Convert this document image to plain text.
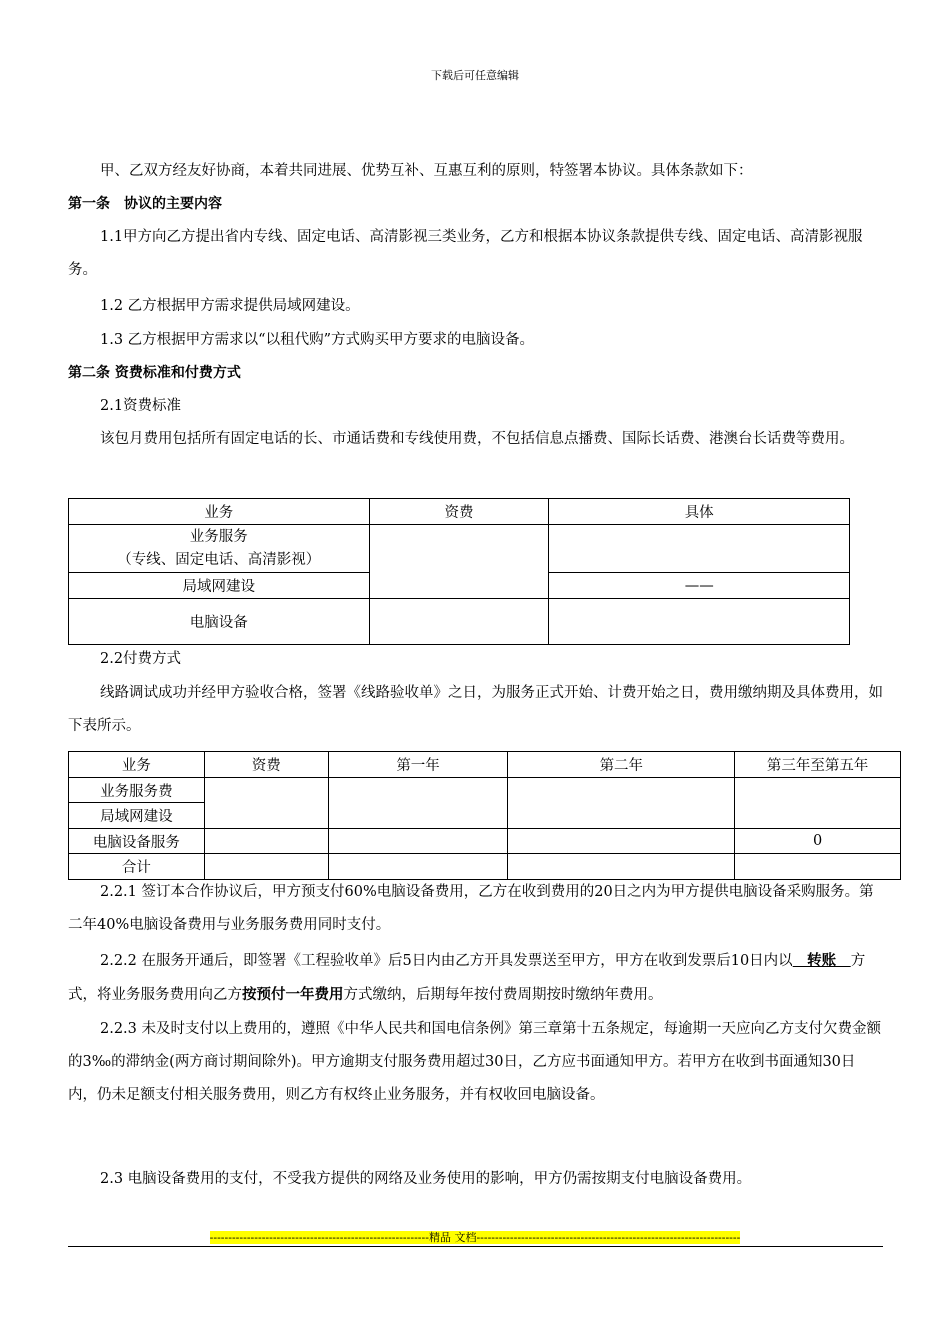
下载后可任意编辑

甲、乙双方经友好协商，本着共同进展、优势互补、互惠互利的原则，特签署本协议。具体条款如下：

第一条　协议的主要内容

1.1甲方向乙方提出省内专线、固定电话、高清影视三类业务，乙方和根据本协议条款提供专线、固定电话、高清影视服务。

1.2 乙方根据甲方需求提供局域网建设。

1.3 乙方根据甲方需求以“以租代购”方式购买甲方要求的电脑设备。

第二条 资费标准和付费方式

2.1资费标准

该包月费用包括所有固定电话的长、市通话费和专线使用费，不包括信息点播费、国际长话费、港澳台长话费等费用。

业务	资费	具体

业务服务
（专线、固定电话、高清影视）		

局域网建设		——
电脑设备		

2.2付费方式

线路调试成功并经甲方验收合格，签署《线路验收单》之日，为服务正式开始、计费开始之日，费用缴纳期及具体费用，如下表所示。

业务	资费	第一年	第二年	第三年至第五年
业务服务费				
局域网建设				
电脑设备服务				0
合计				

2.2.1 签订本合作协议后，甲方预支付60%电脑设备费用，乙方在收到费用的20日之内为甲方提供电脑设备采购服务。第二年40%电脑设备费用与业务服务费用同时支付。

2.2.2 在服务开通后，即签署《工程验收单》后5日内由乙方开具发票送至甲方，甲方在收到发票后10日内以　转账　方式，将业务服务费用向乙方按预付一年费用方式缴纳，后期每年按付费周期按时缴纳年费用。

2.2.3 未及时支付以上费用的，遵照《中华人民共和国电信条例》第三章第十五条规定，每逾期一天应向乙方支付欠费金额的3‰的滞纳金(两方商讨期间除外)。甲方逾期支付服务费用超过30日，乙方应书面通知甲方。若甲方在收到书面通知30日内，仍未足额支付相关服务费用，则乙方有权终止业务服务，并有权收回电脑设备。

2.3 电脑设备费用的支付，不受我方提供的网络及业务使用的影响，甲方仍需按期支付电脑设备费用。

-----------------------------------------------------------精品 文档-----------------------------------------------------------------------
